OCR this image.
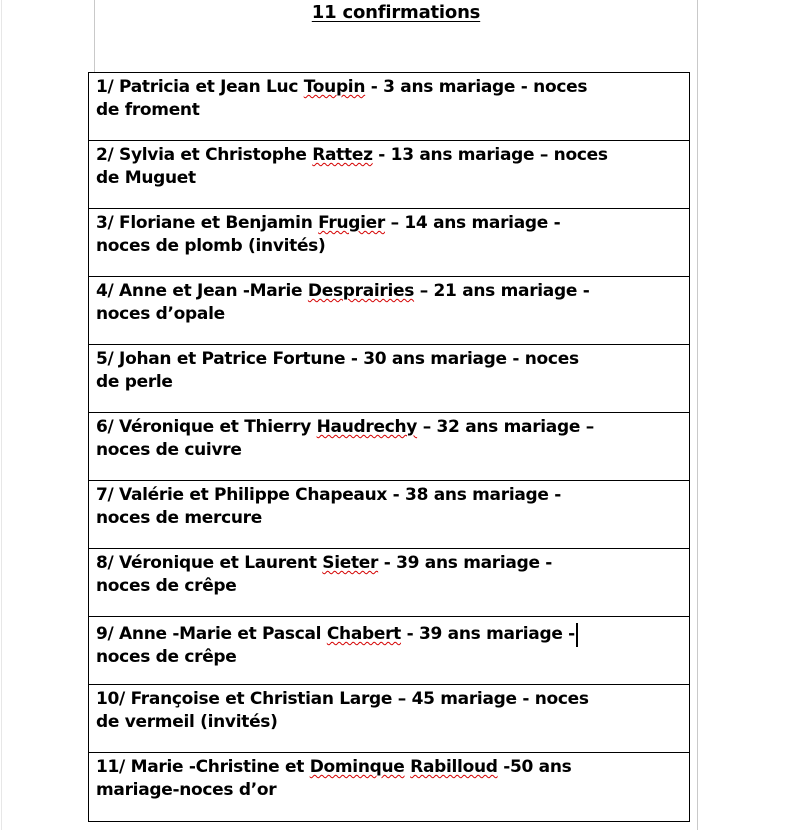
11 confirmations
1/ Patricia et Jean Luc Toupin - 3 ans mariage - noces
de froment
2/ Sylvia et Christophe Rattez - 13 ans mariage – noces
de Muguet
3/ Floriane et Benjamin Frugier – 14 ans mariage -
noces de plomb (invités)
4/ Anne et Jean -Marie Desprairies – 21 ans mariage -
noces d’opale
5/ Johan et Patrice Fortune - 30 ans mariage - noces
de perle
6/ Véronique et Thierry Haudrechy – 32 ans mariage –
noces de cuivre
7/ Valérie et Philippe Chapeaux - 38 ans mariage -
noces de mercure
8/ Véronique et Laurent Sieter - 39 ans mariage -
noces de crêpe
9/ Anne -Marie et Pascal Chabert - 39 ans mariage -
noces de crêpe
10/ Françoise et Christian Large – 45 mariage - noces
de vermeil (invités)
11/ Marie -Christine et Dominque Rabilloud -50 ans
mariage-noces d’or
